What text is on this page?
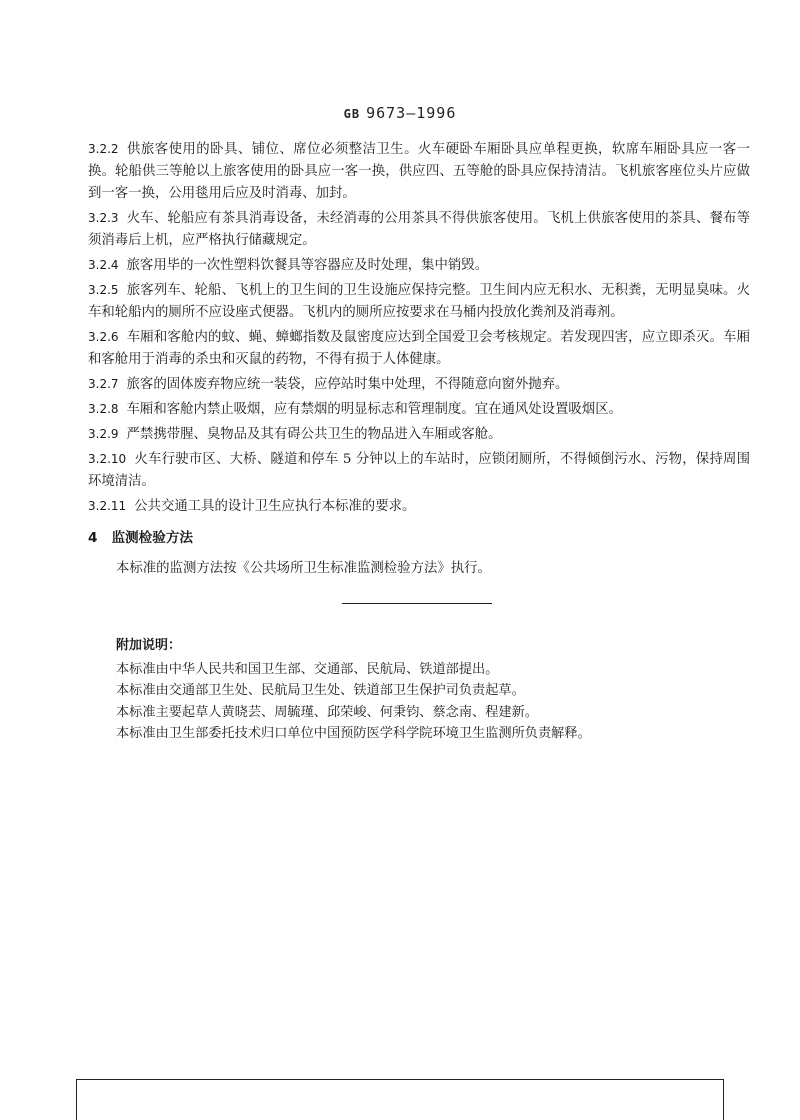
GB 9673—1996

3.2.2 供旅客使用的卧具、铺位、席位必须整洁卫生。火车硬卧车厢卧具应单程更换，软席车厢卧具应一客一换。轮船供三等舱以上旅客使用的卧具应一客一换，供应四、五等舱的卧具应保持清洁。飞机旅客座位头片应做到一客一换，公用毯用后应及时消毒、加封。

3.2.3 火车、轮船应有茶具消毒设备，未经消毒的公用茶具不得供旅客使用。飞机上供旅客使用的茶具、餐布等须消毒后上机，应严格执行储藏规定。

3.2.4 旅客用毕的一次性塑料饮餐具等容器应及时处理，集中销毁。

3.2.5 旅客列车、轮船、飞机上的卫生间的卫生设施应保持完整。卫生间内应无积水、无积粪，无明显臭味。火车和轮船内的厕所不应设座式便器。飞机内的厕所应按要求在马桶内投放化粪剂及消毒剂。

3.2.6 车厢和客舱内的蚊、蝇、蟑螂指数及鼠密度应达到全国爱卫会考核规定。若发现四害，应立即杀灭。车厢和客舱用于消毒的杀虫和灭鼠的药物，不得有损于人体健康。

3.2.7 旅客的固体废弃物应统一装袋，应停站时集中处理，不得随意向窗外抛弃。

3.2.8 车厢和客舱内禁止吸烟，应有禁烟的明显标志和管理制度。宜在通风处设置吸烟区。

3.2.9 严禁携带腥、臭物品及其有碍公共卫生的物品进入车厢或客舱。

3.2.10 火车行驶市区、大桥、隧道和停车 5 分钟以上的车站时，应锁闭厕所，不得倾倒污水、污物，保持周围环境清洁。

3.2.11 公共交通工具的设计卫生应执行本标准的要求。

4 监测检验方法

本标准的监测方法按《公共场所卫生标准监测检验方法》执行。

附加说明：

本标准由中华人民共和国卫生部、交通部、民航局、铁道部提出。

本标准由交通部卫生处、民航局卫生处、铁道部卫生保护司负责起草。

本标准主要起草人黄晓芸、周毓瑾、邱荣峻、何秉钧、蔡念南、程建新。

本标准由卫生部委托技术归口单位中国预防医学科学院环境卫生监测所负责解释。
